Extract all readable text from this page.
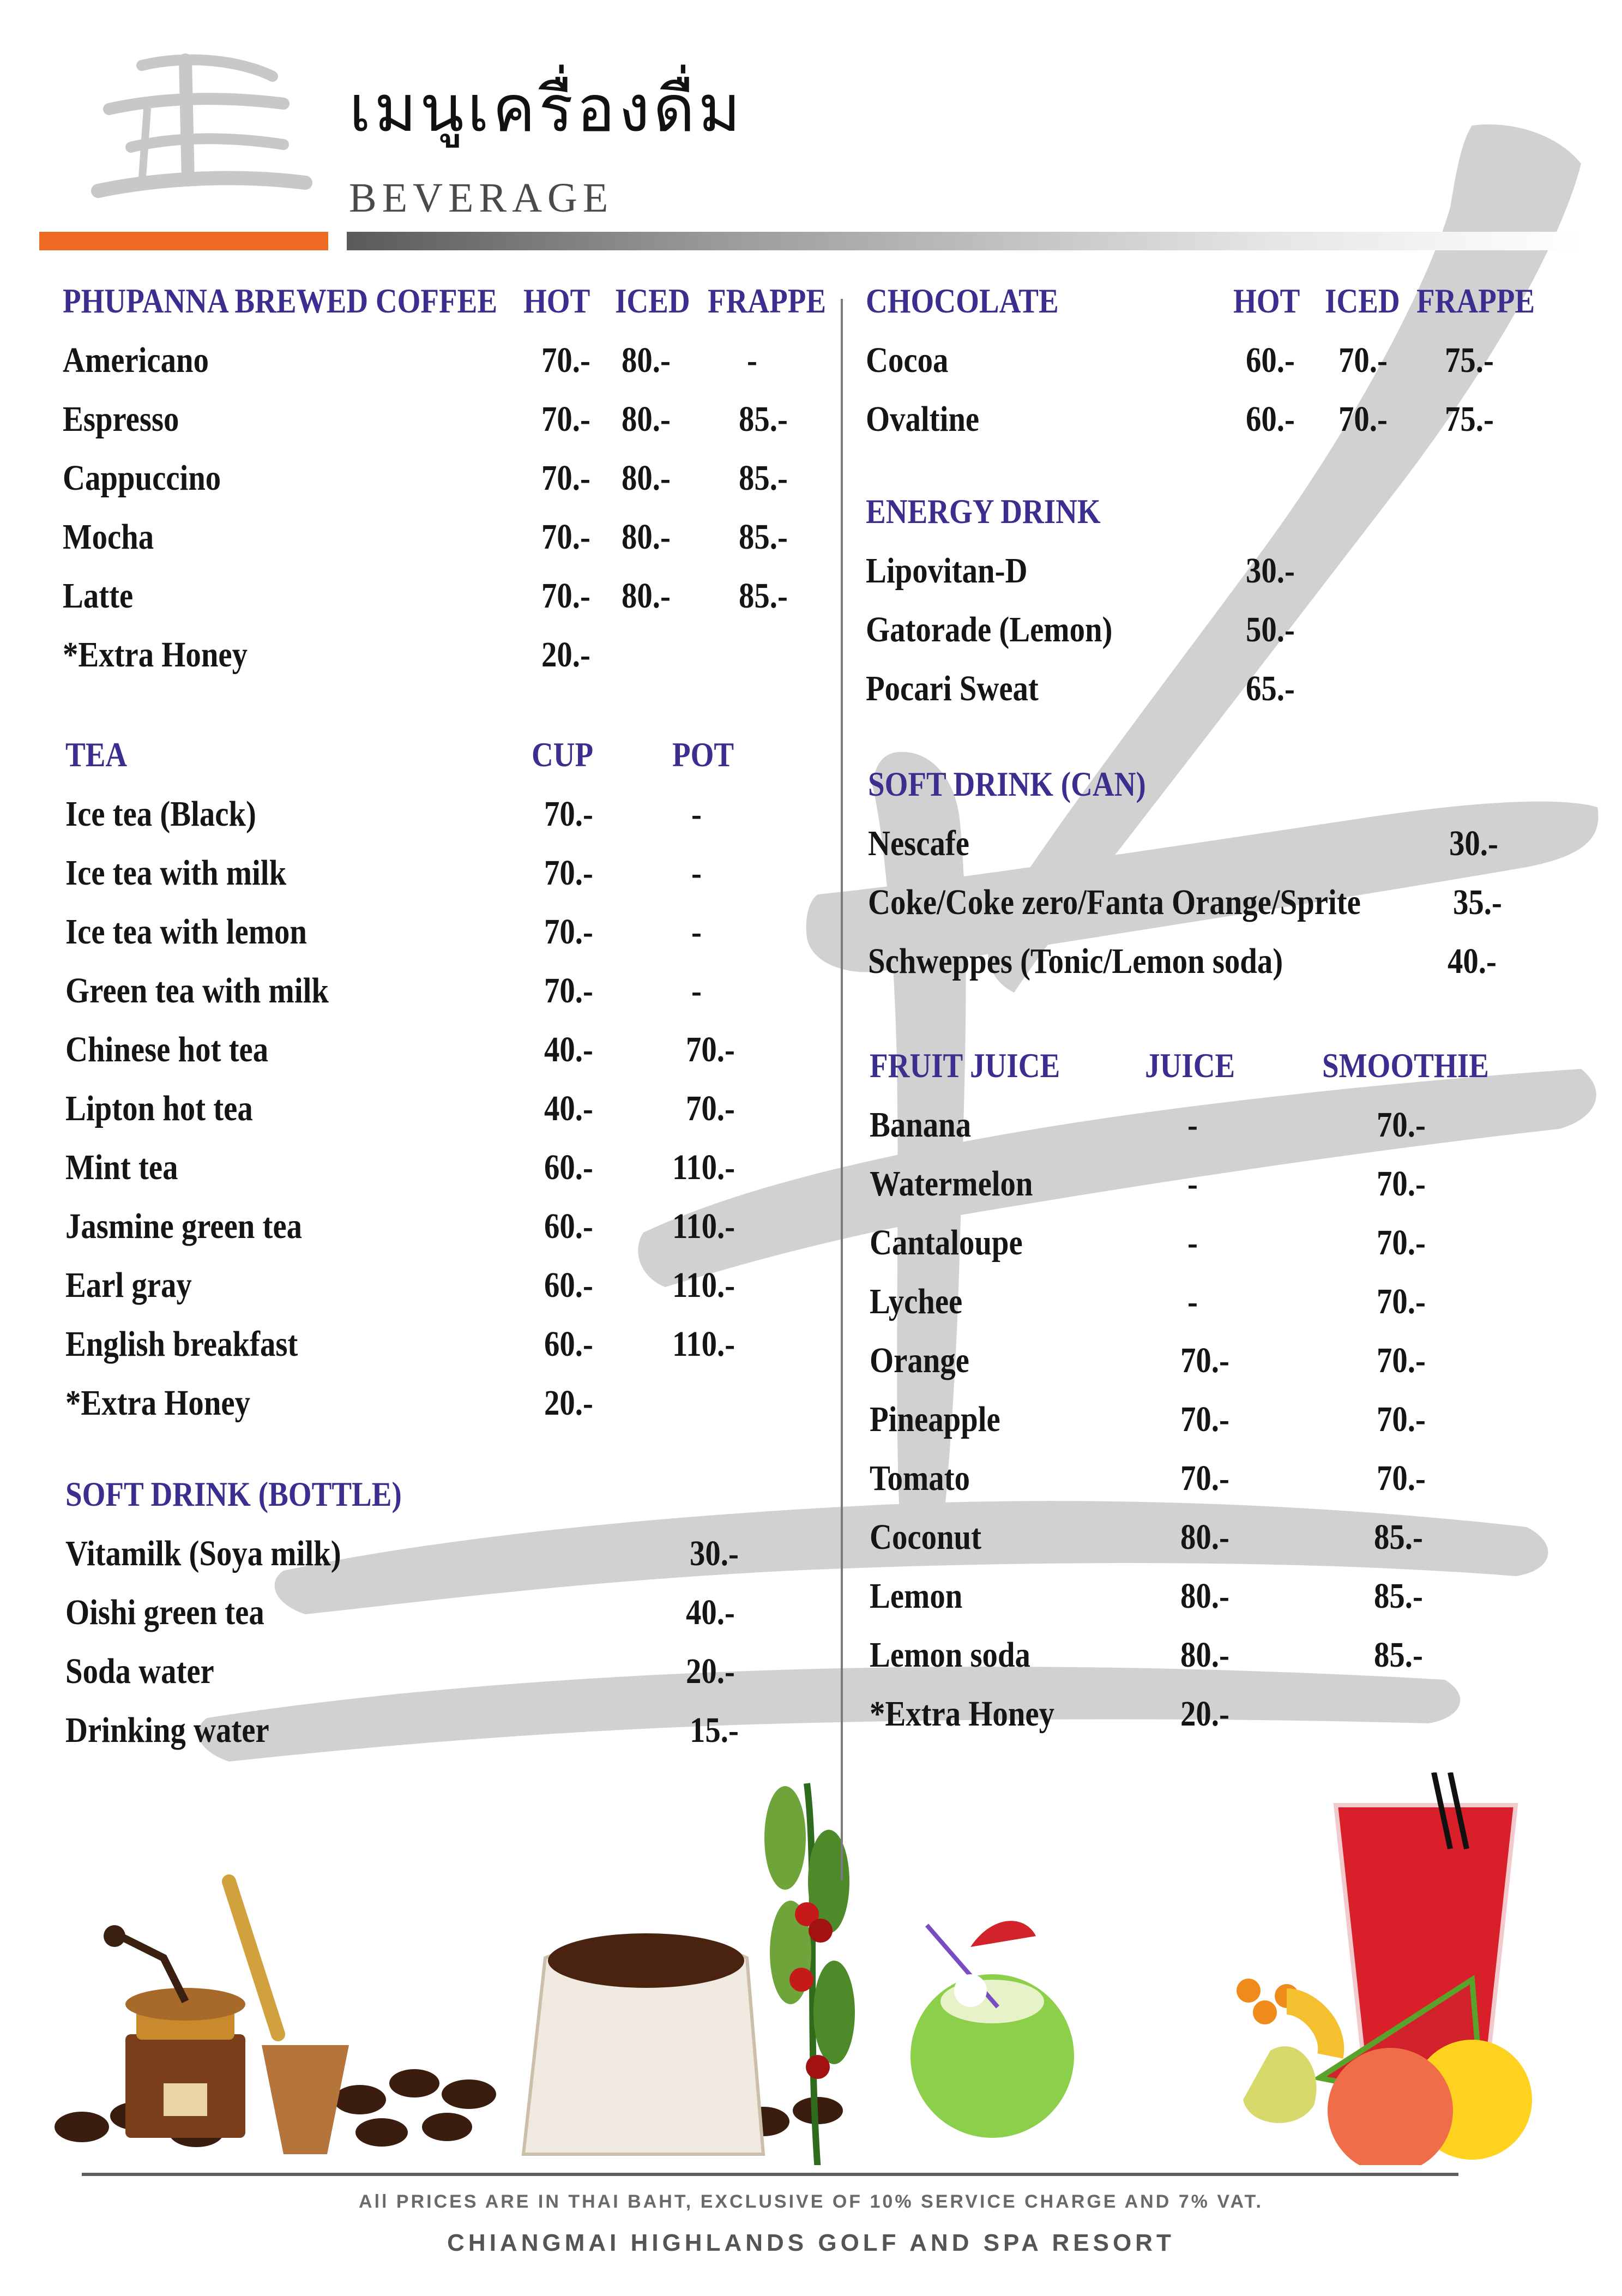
เมนูเครื่องดื่ม
BEVERAGE
PHUPANNA BREWED COFFEE HOT ICED FRAPPE
Americano	70.- 80.- -
Espresso	70.- 80.- 85.-
Cappuccino	70.- 80.- 85.-
Mocha	70.- 80.- 85.-
Latte	70.- 80.- 85.-
*Extra Honey	20.-
TEA	CUP POT
Ice tea (Black)	70.-	-
Ice tea with milk	70.-	-
Ice tea with lemon	70.-	-
Green tea with milk	70.-	-
Chinese hot tea	40.-	70.-
Lipton hot tea	40.-	70.-
Mint tea	60.- 110.-
Jasmine green tea	60.- 110.-
Earl gray	60.- 110.-
English breakfast	60.- 110.-
*Extra Honey	20.-
SOFT DRINK (BOTTLE)
Vitamilk (Soya milk)	30.-
Oishi green tea	40.-
Soda water	20.-
Drinking water	15.-
CHOCOLATE	HOT ICED FRAPPE
Cocoa	60.- 70.- 75.-
Ovaltine	60.- 70.- 75.-
ENERGY DRINK
Lipovitan-D	30.-
Gatorade (Lemon)	50.-
Pocari Sweat	65.-
SOFT DRINK (CAN)
Nescafe	30.-
Coke/Coke zero/Fanta Orange/Sprite	35.-
Schweppes (Tonic/Lemon soda)	40.-
FRUIT JUICE JUICE SMOOTHIE
Banana	-	70.-
Watermelon	-	70.-
Cantaloupe	-	70.-
Lychee	-	70.-
Orange	70.-	70.-
Pineapple	70.-	70.-
Tomato	70.-	70.-
Coconut	80.-	85.-
Lemon	80.-	85.-
Lemon soda	80.-	85.-
*Extra Honey	20.-
All PRICES ARE IN THAI BAHT, EXCLUSIVE OF 10% SERVICE CHARGE AND 7% VAT.
CHIANGMAI HIGHLANDS GOLF AND SPA RESORT
